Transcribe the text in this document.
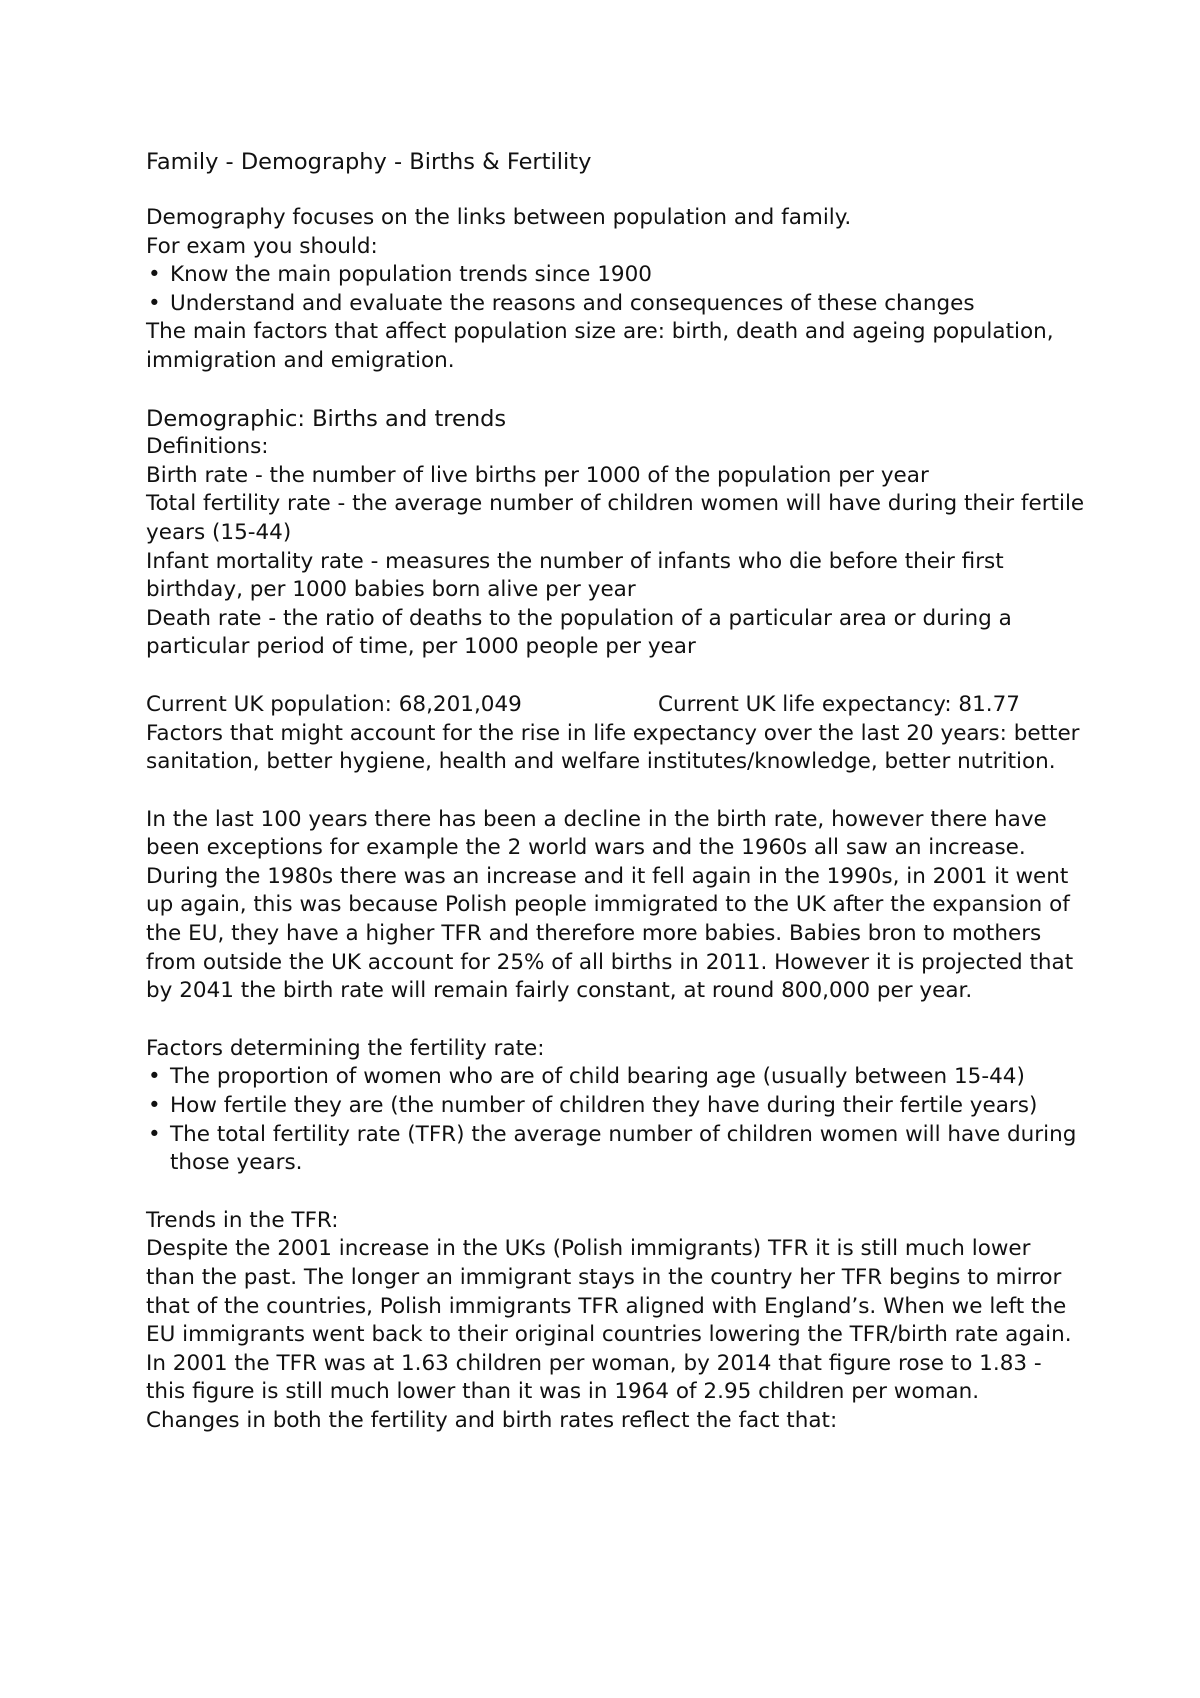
Family - Demography - Births & Fertility

Demography focuses on the links between population and family.

For exam you should:

• Know the main population trends since 1900
• Understand and evaluate the reasons and consequences of these changes

The main factors that affect population size are: birth, death and ageing population, immigration and emigration.

Demographic: Births and trends

Definitions:

Birth rate - the number of live births per 1000 of the population per year

Total fertility rate - the average number of children women will have during their fertile years (15-44)

Infant mortality rate - measures the number of infants who die before their first birthday, per 1000 babies born alive per year

Death rate - the ratio of deaths to the population of a particular area or during a particular period of time, per 1000 people per year

Current UK population: 68,201,049	Current UK life expectancy: 81.77

Factors that might account for the rise in life expectancy over the last 20 years: better sanitation, better hygiene, health and welfare institutes/knowledge, better nutrition.

In the last 100 years there has been a decline in the birth rate, however there have been exceptions for example the 2 world wars and the 1960s all saw an increase. During the 1980s there was an increase and it fell again in the 1990s, in 2001 it went up again, this was because Polish people immigrated to the UK after the expansion of the EU, they have a higher TFR and therefore more babies. Babies bron to mothers from outside the UK account for 25% of all births in 2011. However it is projected that by 2041 the birth rate will remain fairly constant, at round 800,000 per year.

Factors determining the fertility rate:

• The proportion of women who are of child bearing age (usually between 15-44)
• How fertile they are (the number of children they have during their fertile years)
• The total fertility rate (TFR) the average number of children women will have during those years.

Trends in the TFR:

Despite the 2001 increase in the UKs (Polish immigrants) TFR it is still much lower than the past. The longer an immigrant stays in the country her TFR begins to mirror that of the countries, Polish immigrants TFR aligned with England’s. When we left the EU immigrants went back to their original countries lowering the TFR/birth rate again.

In 2001 the TFR was at 1.63 children per woman, by 2014 that figure rose to 1.83 - this figure is still much lower than it was in 1964 of 2.95 children per woman.

Changes in both the fertility and birth rates reflect the fact that:
